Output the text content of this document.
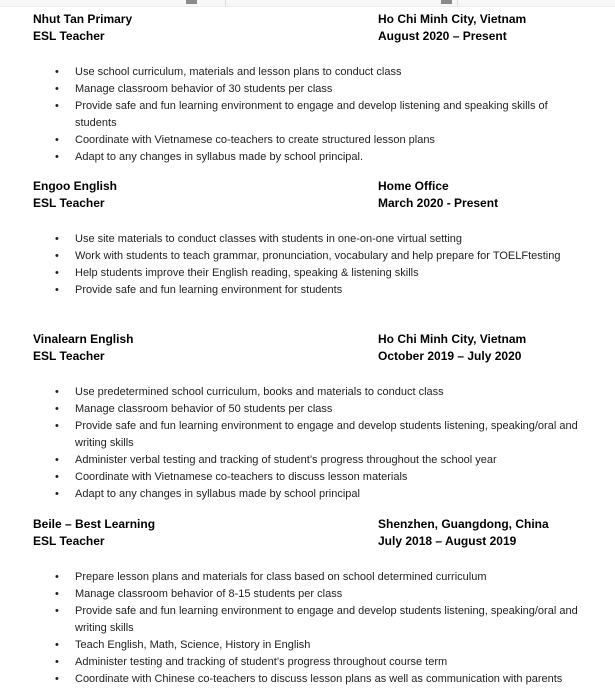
Nhut Tan Primary
ESL Teacher
Ho Chi Minh City, Vietnam
August 2020 – Present
• Use school curriculum, materials and lesson plans to conduct class
• Manage classroom behavior of 30 students per class
• Provide safe and fun learning environment to engage and develop listening and speaking skills of students
• Coordinate with Vietnamese co-teachers to create structured lesson plans
• Adapt to any changes in syllabus made by school principal.
Engoo English
ESL Teacher
Home Office
March 2020 - Present
• Use site materials to conduct classes with students in one-on-one virtual setting
• Work with students to teach grammar, pronunciation, vocabulary and help prepare for TOELFtesting
• Help students improve their English reading, speaking & listening skills
• Provide safe and fun learning environment for students
Vinalearn English
ESL Teacher
Ho Chi Minh City, Vietnam
October 2019 – July 2020
• Use predetermined school curriculum, books and materials to conduct class
• Manage classroom behavior of 50 students per class
• Provide safe and fun learning environment to engage and develop students listening, speaking/oral and writing skills
• Administer verbal testing and tracking of student’s progress throughout the school year
• Coordinate with Vietnamese co-teachers to discuss lesson materials
• Adapt to any changes in syllabus made by school principal
Beile – Best Learning
ESL Teacher
Shenzhen, Guangdong, China
July 2018 – August 2019
• Prepare lesson plans and materials for class based on school determined curriculum
• Manage classroom behavior of 8-15 students per class
• Provide safe and fun learning environment to engage and develop students listening, speaking/oral and writing skills
• Teach English, Math, Science, History in English
• Administer testing and tracking of student’s progress throughout course term
• Coordinate with Chinese co-teachers to discuss lesson plans as well as communication with parents
